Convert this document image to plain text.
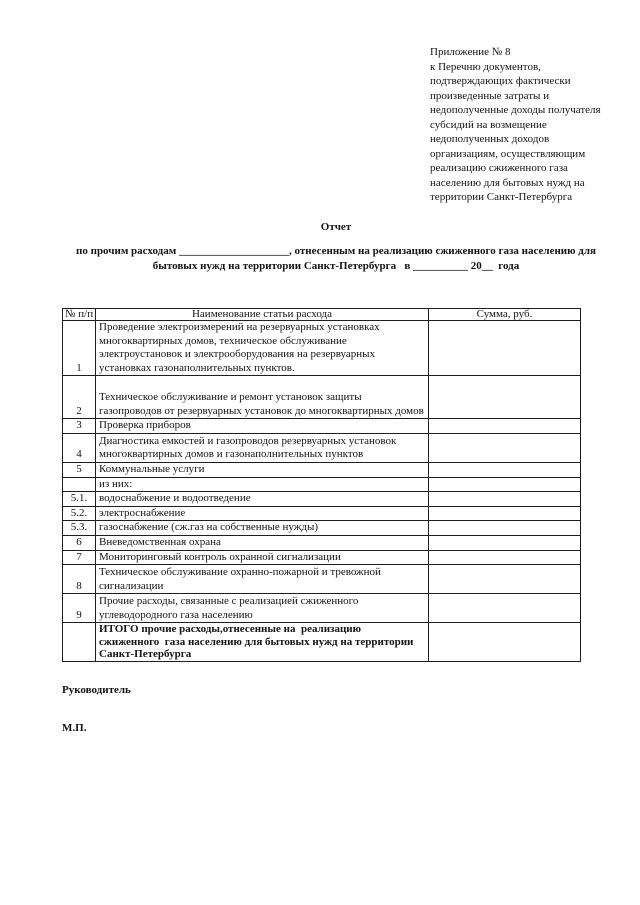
Приложение № 8
к Перечню документов,
подтверждающих фактически
произведенные затраты и
недополученные доходы получателя
субсидий на возмещение
недополученных доходов
организациям, осуществляющим
реализацию сжиженного газа
населению для бытовых нужд на
территории Санкт-Петербурга
Отчет
по прочим расходам ____________________, отнесенным на реализацию сжиженного газа населению для
бытовых нужд на территории Санкт-Петербурга   в __________ 20__  года
№ п/п	Наименование статьи расхода	Сумма, руб.
1	Проведение электроизмерений на резервуарных установках
многоквартирных домов, техническое обслуживание
электроустановок и электрооборудования на резервуарных
установках газонаполнительных пунктов.	

2	Техническое обслуживание и ремонт установок защиты
газопроводов от резервуарных установок до многоквартирных домов	

3	Проверка приборов	

4	Диагностика емкостей и газопроводов резервуарных установок
многоквартирных домов и газонаполнительных пунктов	

5	Коммунальные услуги	

	из них:	

5.1.	водоснабжение и водоотведение	

5.2.	электроснабжение	

5.3.	газоснабжение (сж.газ на собственные нужды)	

6	Вневедомственная охрана	

7	Мониторинговый контроль охранной сигнализации	

8	Техническое обслуживание охранно-пожарной и тревожной
сигнализации	

9	Прочие расходы, связанные с реализацией сжиженного
углеводородного газа населению	

	ИТОГО прочие расходы,отнесенные на  реализацию
сжиженного  газа населению для бытовых нужд на территории
Санкт-Петербурга	

Руководитель
М.П.
